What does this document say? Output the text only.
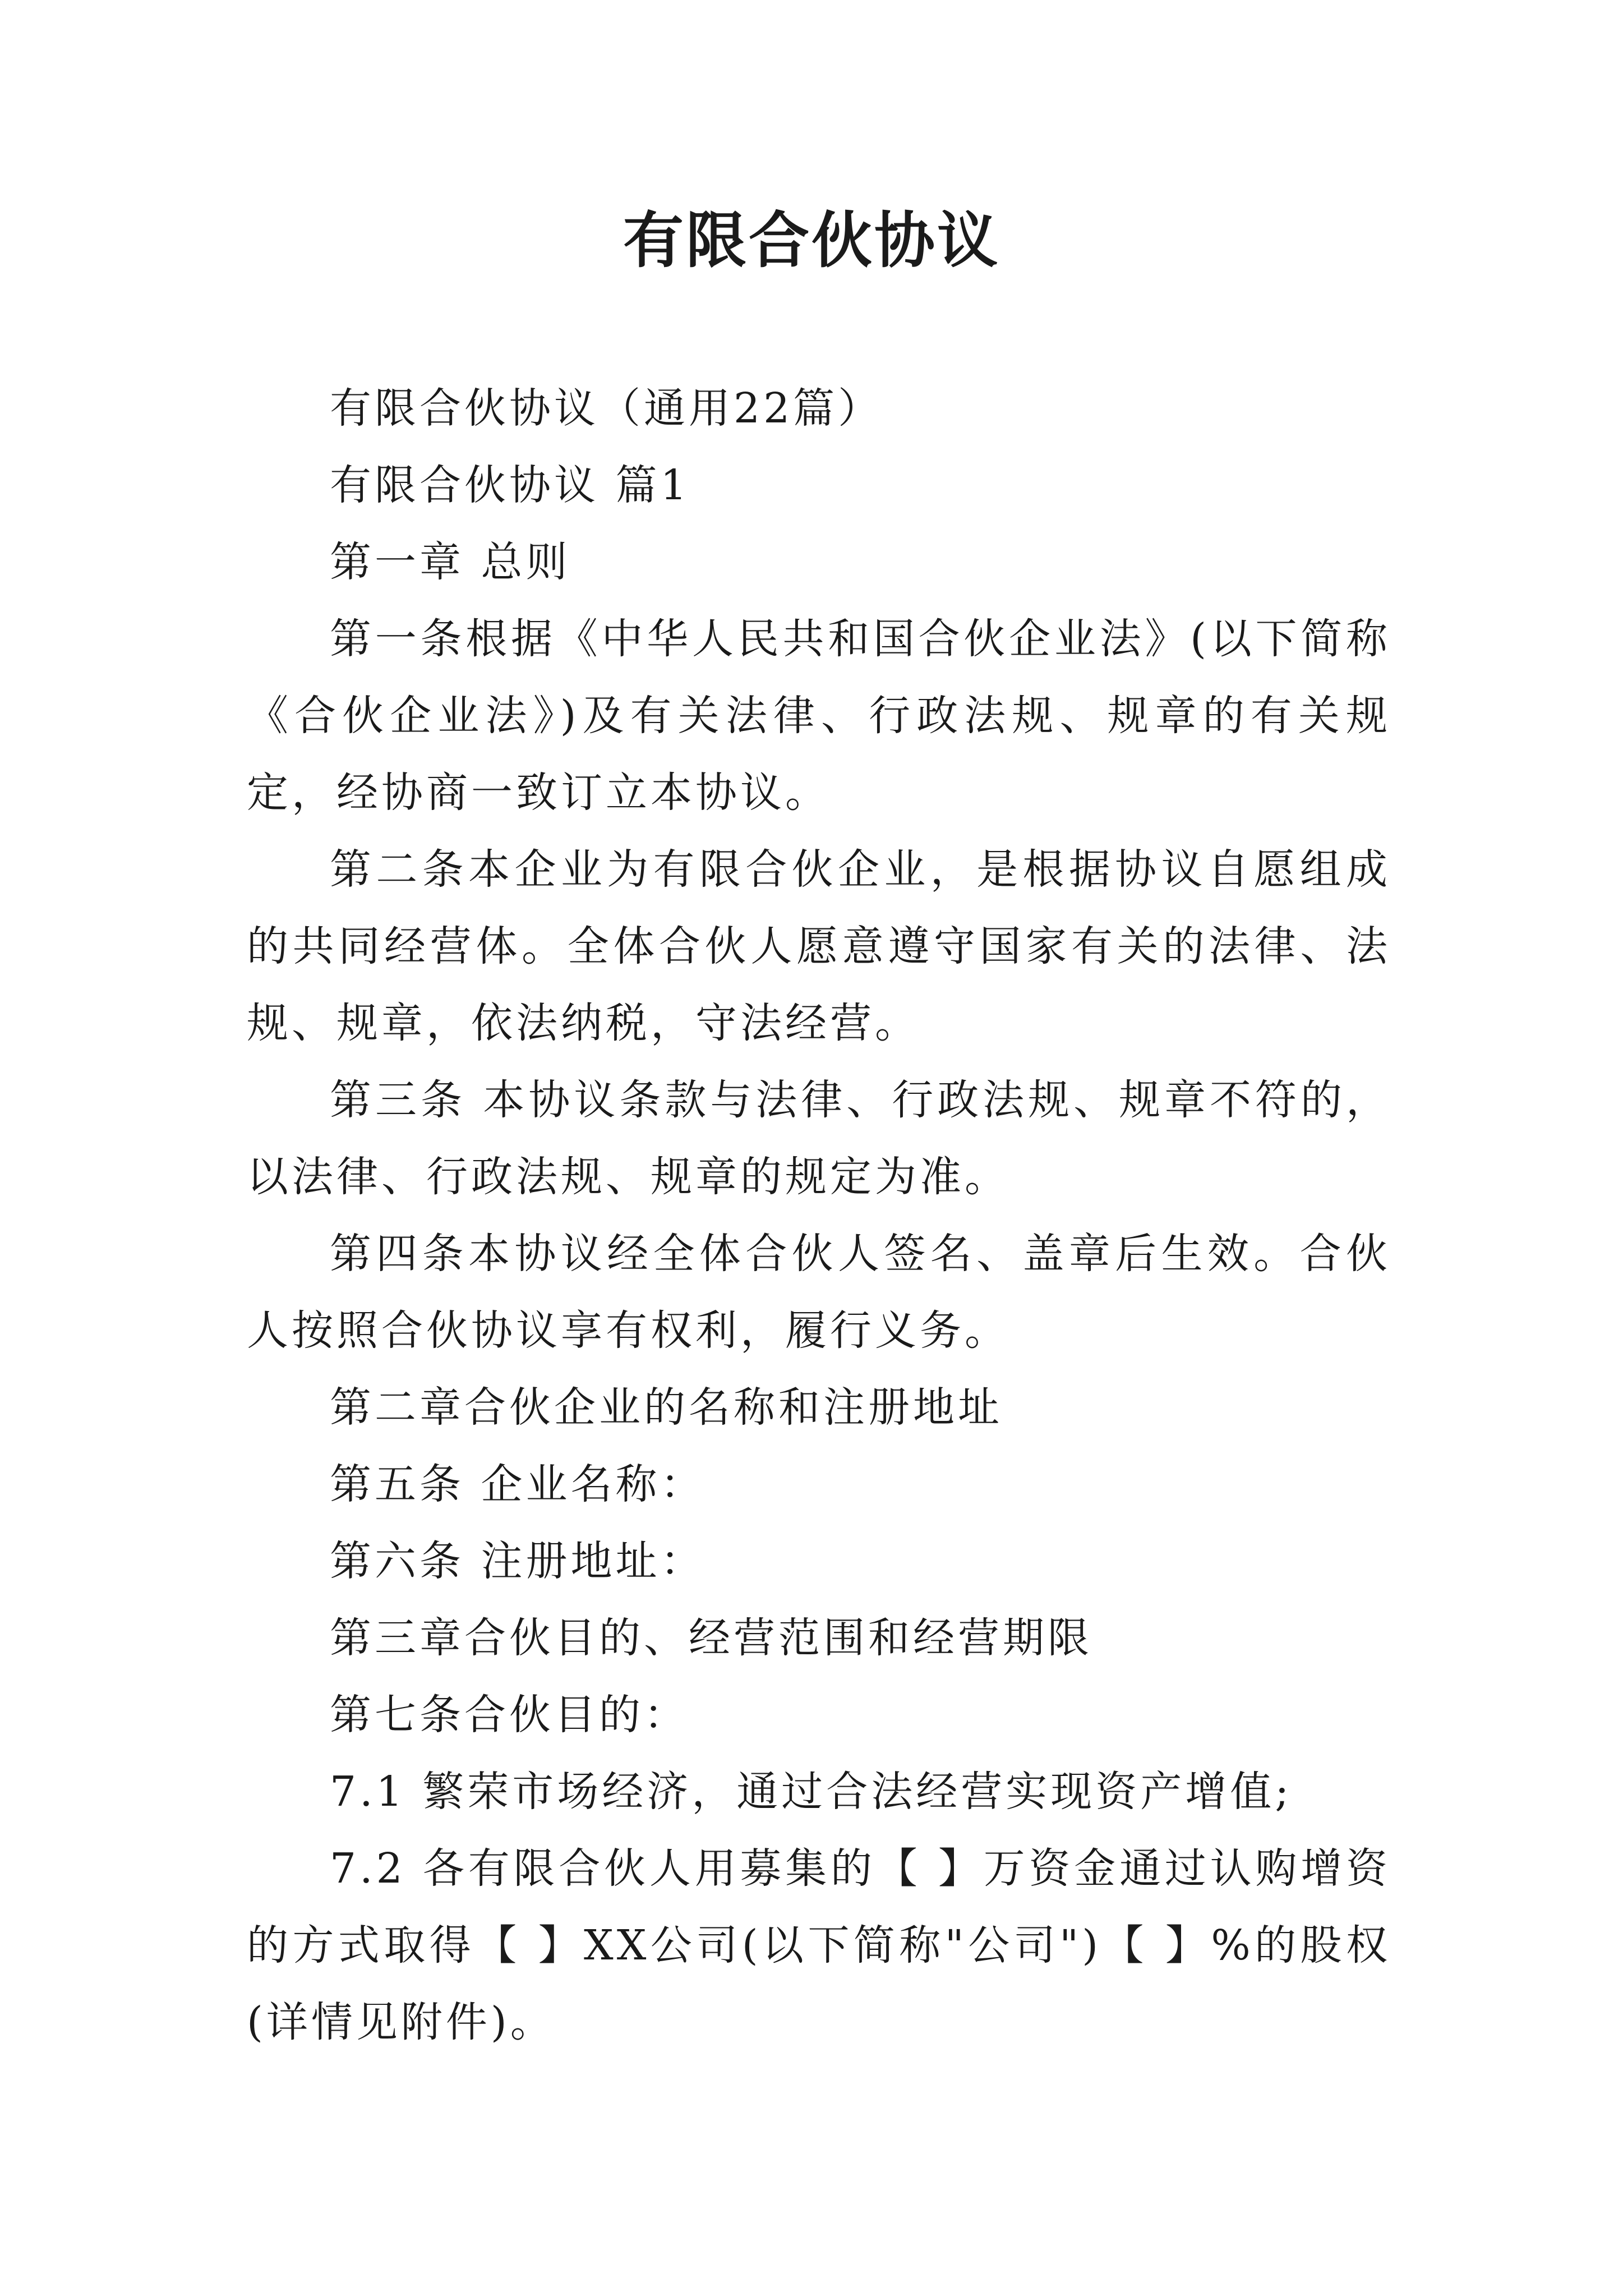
有限合伙协议

有限合伙协议（通用22篇）

有限合伙协议 篇1

第一章 总则

第一条根据《中华人民共和国合伙企业法》(以下简称《合伙企业法》)及有关法律、行政法规、规章的有关规定，经协商一致订立本协议。

第二条本企业为有限合伙企业，是根据协议自愿组成的共同经营体。全体合伙人愿意遵守国家有关的法律、法规、规章，依法纳税，守法经营。

第三条 本协议条款与法律、行政法规、规章不符的，以法律、行政法规、规章的规定为准。

第四条本协议经全体合伙人签名、盖章后生效。合伙人按照合伙协议享有权利，履行义务。

第二章合伙企业的名称和注册地址

第五条 企业名称：

第六条 注册地址：

第三章合伙目的、经营范围和经营期限

第七条合伙目的：

7.1 繁荣市场经济，通过合法经营实现资产增值;

7.2 各有限合伙人用募集的【 】万资金通过认购增资的方式取得【 】XX公司(以下简称"公司")【 】%的股权(详情见附件)。
